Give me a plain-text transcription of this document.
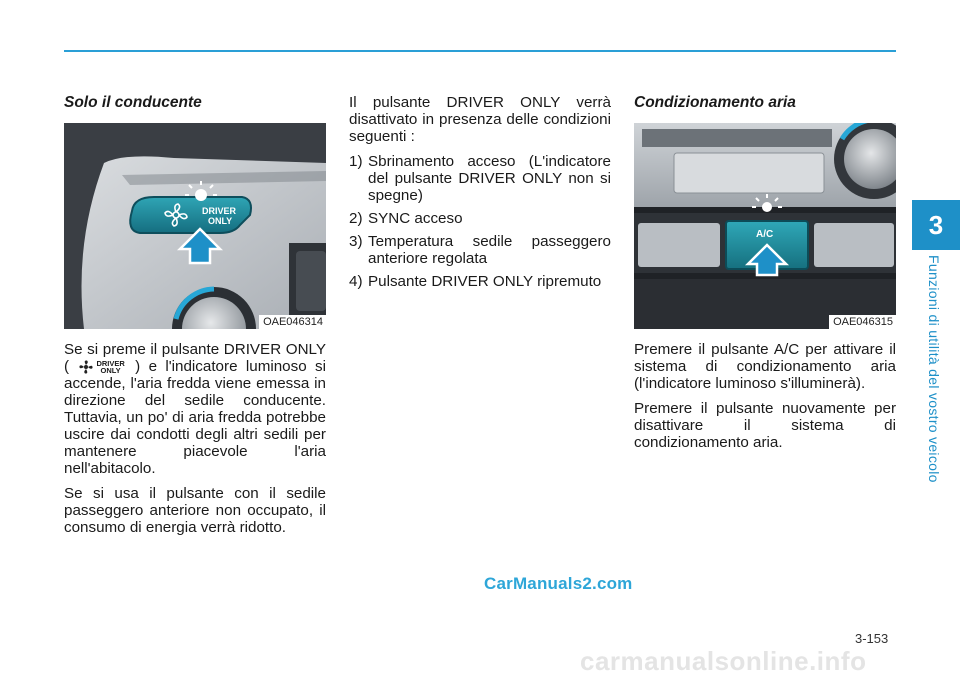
3
Funzioni di utilità del vostro veicolo
Solo il conducente
DRIVER
ONLY
OAE046314

Se si preme il pulsante DRIVER ONLY (	DRIVER
ONLY ) e l'indicatore luminoso si accende, l'aria fredda viene emessa in direzione del sedile conducente. Tuttavia, un po' di aria fredda potrebbe uscire dai condotti degli altri sedili per mantenere piacevole l'aria nell'abitacolo.

Se si usa il pulsante con il sedile passeggero anteriore non occupato, il consumo di energia verrà ridotto.

Il pulsante DRIVER ONLY verrà disattivato in presenza delle condizioni seguenti :

1) Sbrinamento acceso (L'indicatore del pulsante DRIVER ONLY non si spegne)
2) SYNC acceso
3) Temperatura sedile passeggero anteriore regolata
4) Pulsante DRIVER ONLY ripremuto
Condizionamento aria
A/C
OAE046315

Premere il pulsante A/C per attivare il sistema di condizionamento aria (l'indicatore luminoso s'illuminerà).

Premere il pulsante nuovamente per disattivare il sistema di condizionamento aria.

CarManuals2.com
3-153
carmanualsonline.info
